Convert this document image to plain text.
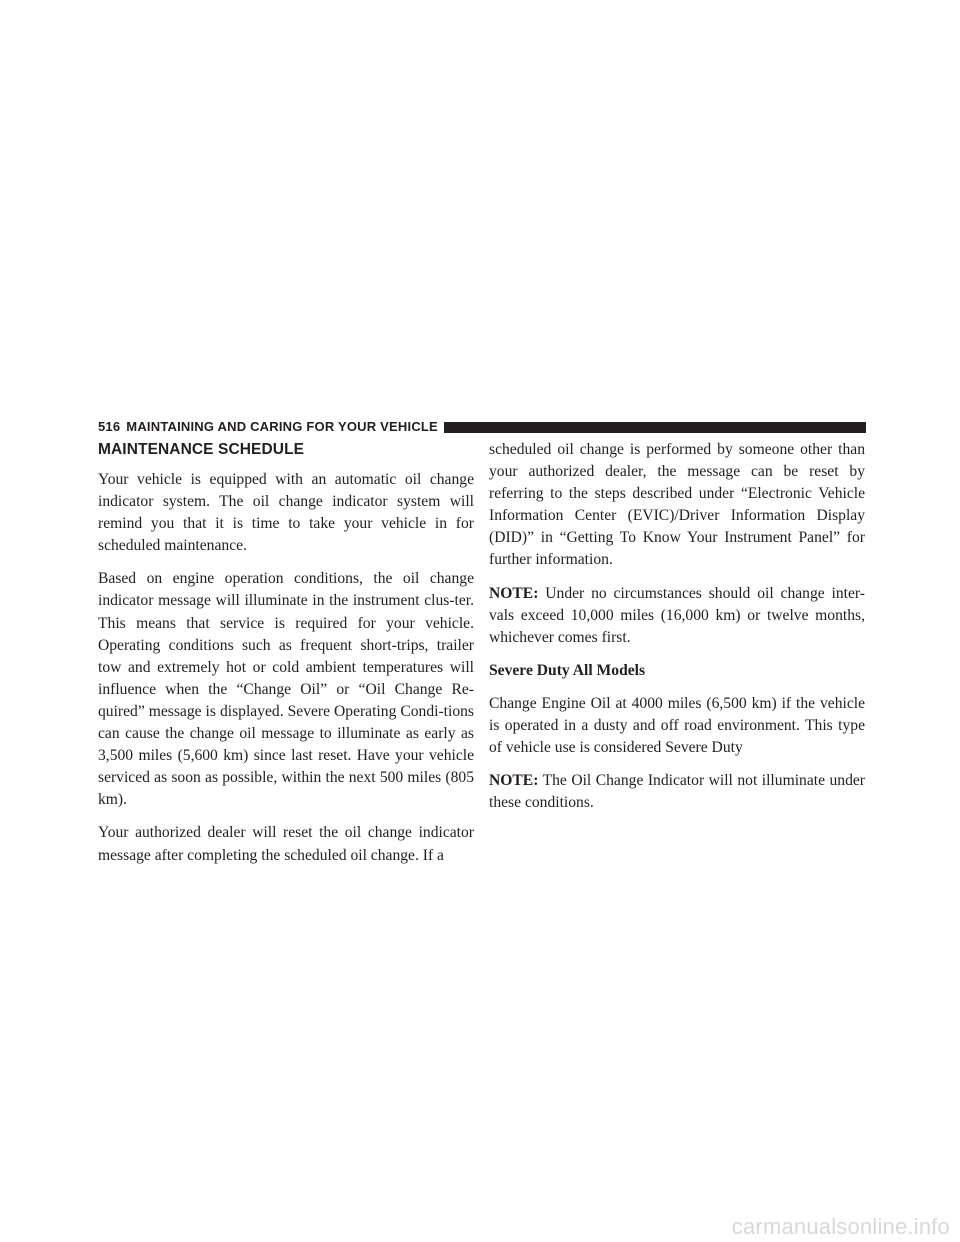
516 MAINTAINING AND CARING FOR YOUR VEHICLE
MAINTENANCE SCHEDULE

Your vehicle is equipped with an automatic oil change indicator system. The oil change indicator system will remind you that it is time to take your vehicle in for scheduled maintenance.

Based on engine operation conditions, the oil change indicator message will illuminate in the instrument clus-ter. This means that service is required for your vehicle. Operating conditions such as frequent short-trips, trailer tow and extremely hot or cold ambient temperatures will influence when the “Change Oil” or “Oil Change Re-quired” message is displayed. Severe Operating Condi-tions can cause the change oil message to illuminate as early as 3,500 miles (5,600 km) since last reset. Have your vehicle serviced as soon as possible, within the next 500 miles (805 km).

Your authorized dealer will reset the oil change indicator message after completing the scheduled oil change. If a

scheduled oil change is performed by someone other than your authorized dealer, the message can be reset by referring to the steps described under “Electronic Vehicle Information Center (EVIC)/Driver Information Display (DID)” in “Getting To Know Your Instrument Panel” for further information.

NOTE: Under no circumstances should oil change inter-vals exceed 10,000 miles (16,000 km) or twelve months, whichever comes first.

Severe Duty All Models

Change Engine Oil at 4000 miles (6,500 km) if the vehicle is operated in a dusty and off road environment. This type of vehicle use is considered Severe Duty

NOTE: The Oil Change Indicator will not illuminate under these conditions.

carmanualsonline.info
